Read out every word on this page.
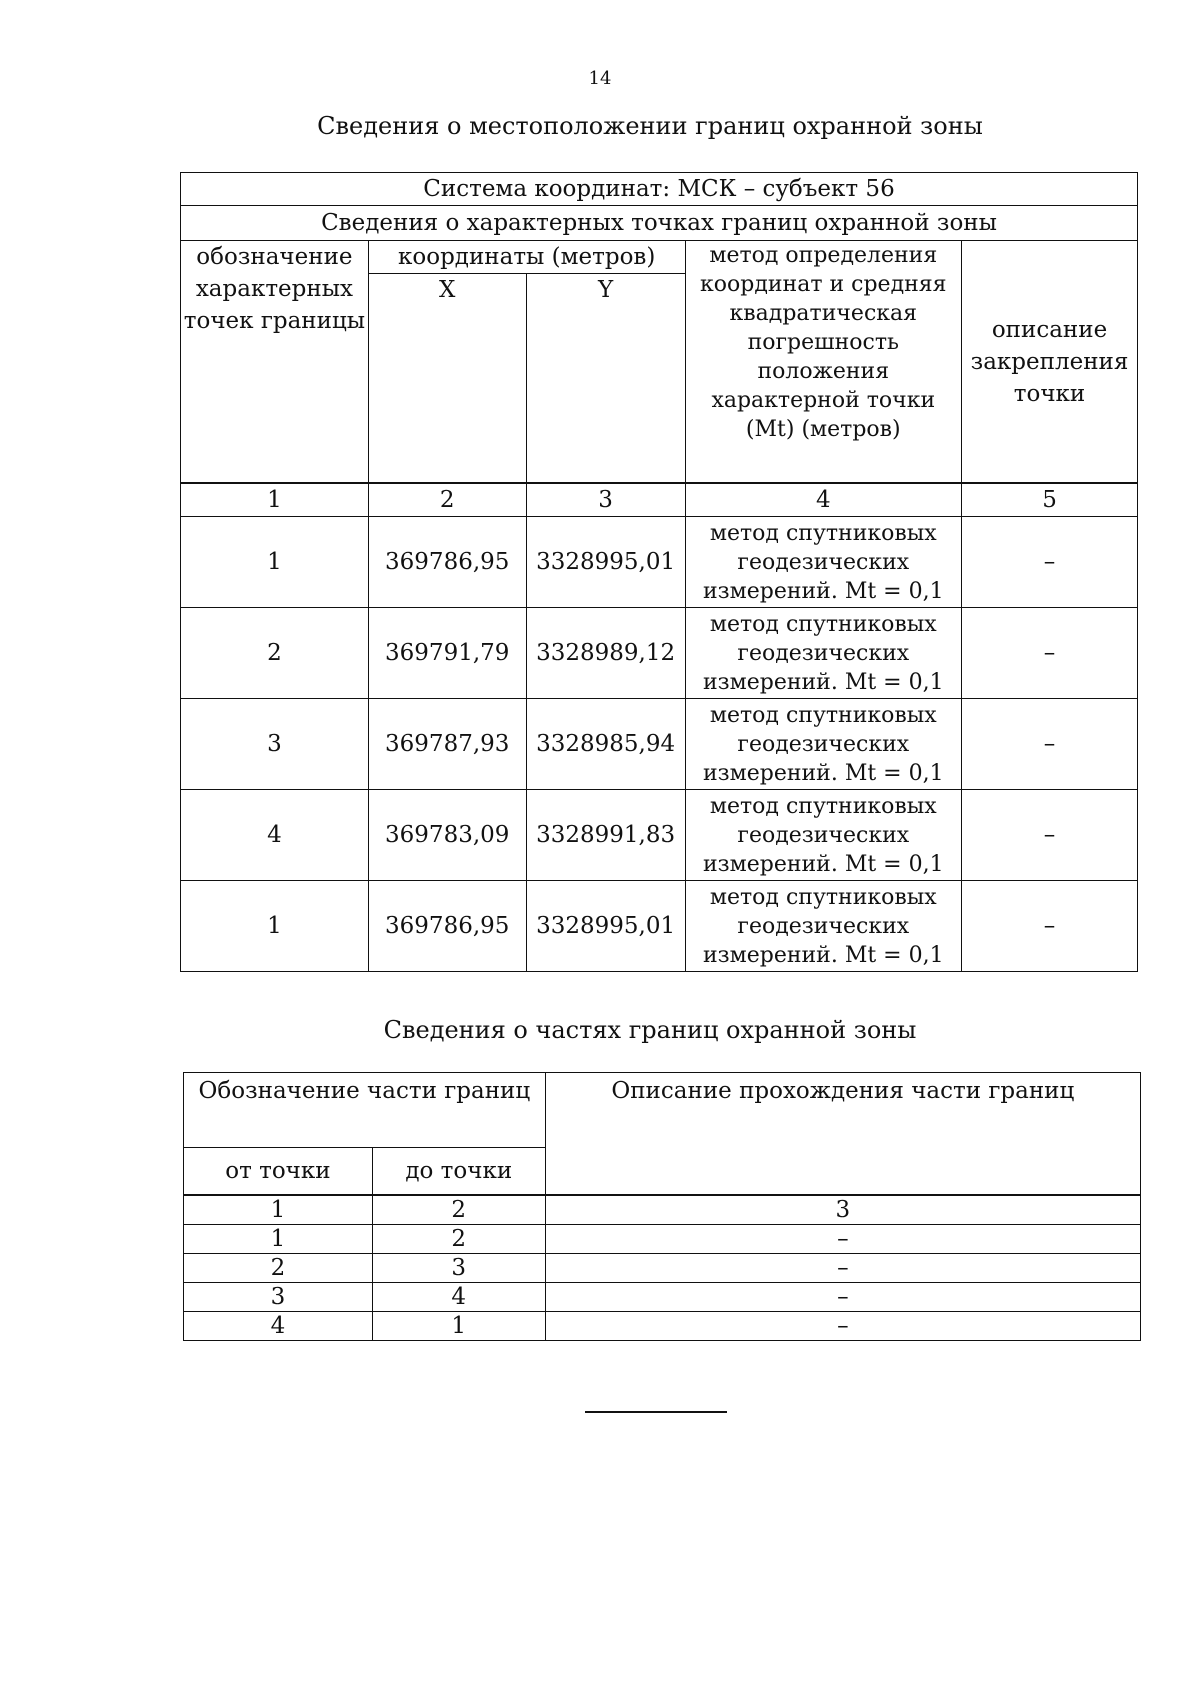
14
Сведения о местоположении границ охранной зоны
Система координат: МСК – субъект 56				
Сведения о характерных точках границ охранной зоны				
обозначение характерных точек границы	координаты (метров)		метод определения координат и средняя квадратическая погрешность положения характерной точки (Mt) (метров)	описание закрепления точки
	X	Y		
1	2	3	4	5
1	369786,95	3328995,01	метод спутниковых геодезических измерений. Mt = 0,1	–
2	369791,79	3328989,12	метод спутниковых геодезических измерений. Mt = 0,1	–
3	369787,93	3328985,94	метод спутниковых геодезических измерений. Mt = 0,1	–
4	369783,09	3328991,83	метод спутниковых геодезических измерений. Mt = 0,1	–
1	369786,95	3328995,01	метод спутниковых геодезических измерений. Mt = 0,1	–
Сведения о частях границ охранной зоны
Обозначение части границ		Описание прохождения части границ
от точки	до точки	
1	2	3
1	2	–
2	3	–
3	4	–
4	1	–
